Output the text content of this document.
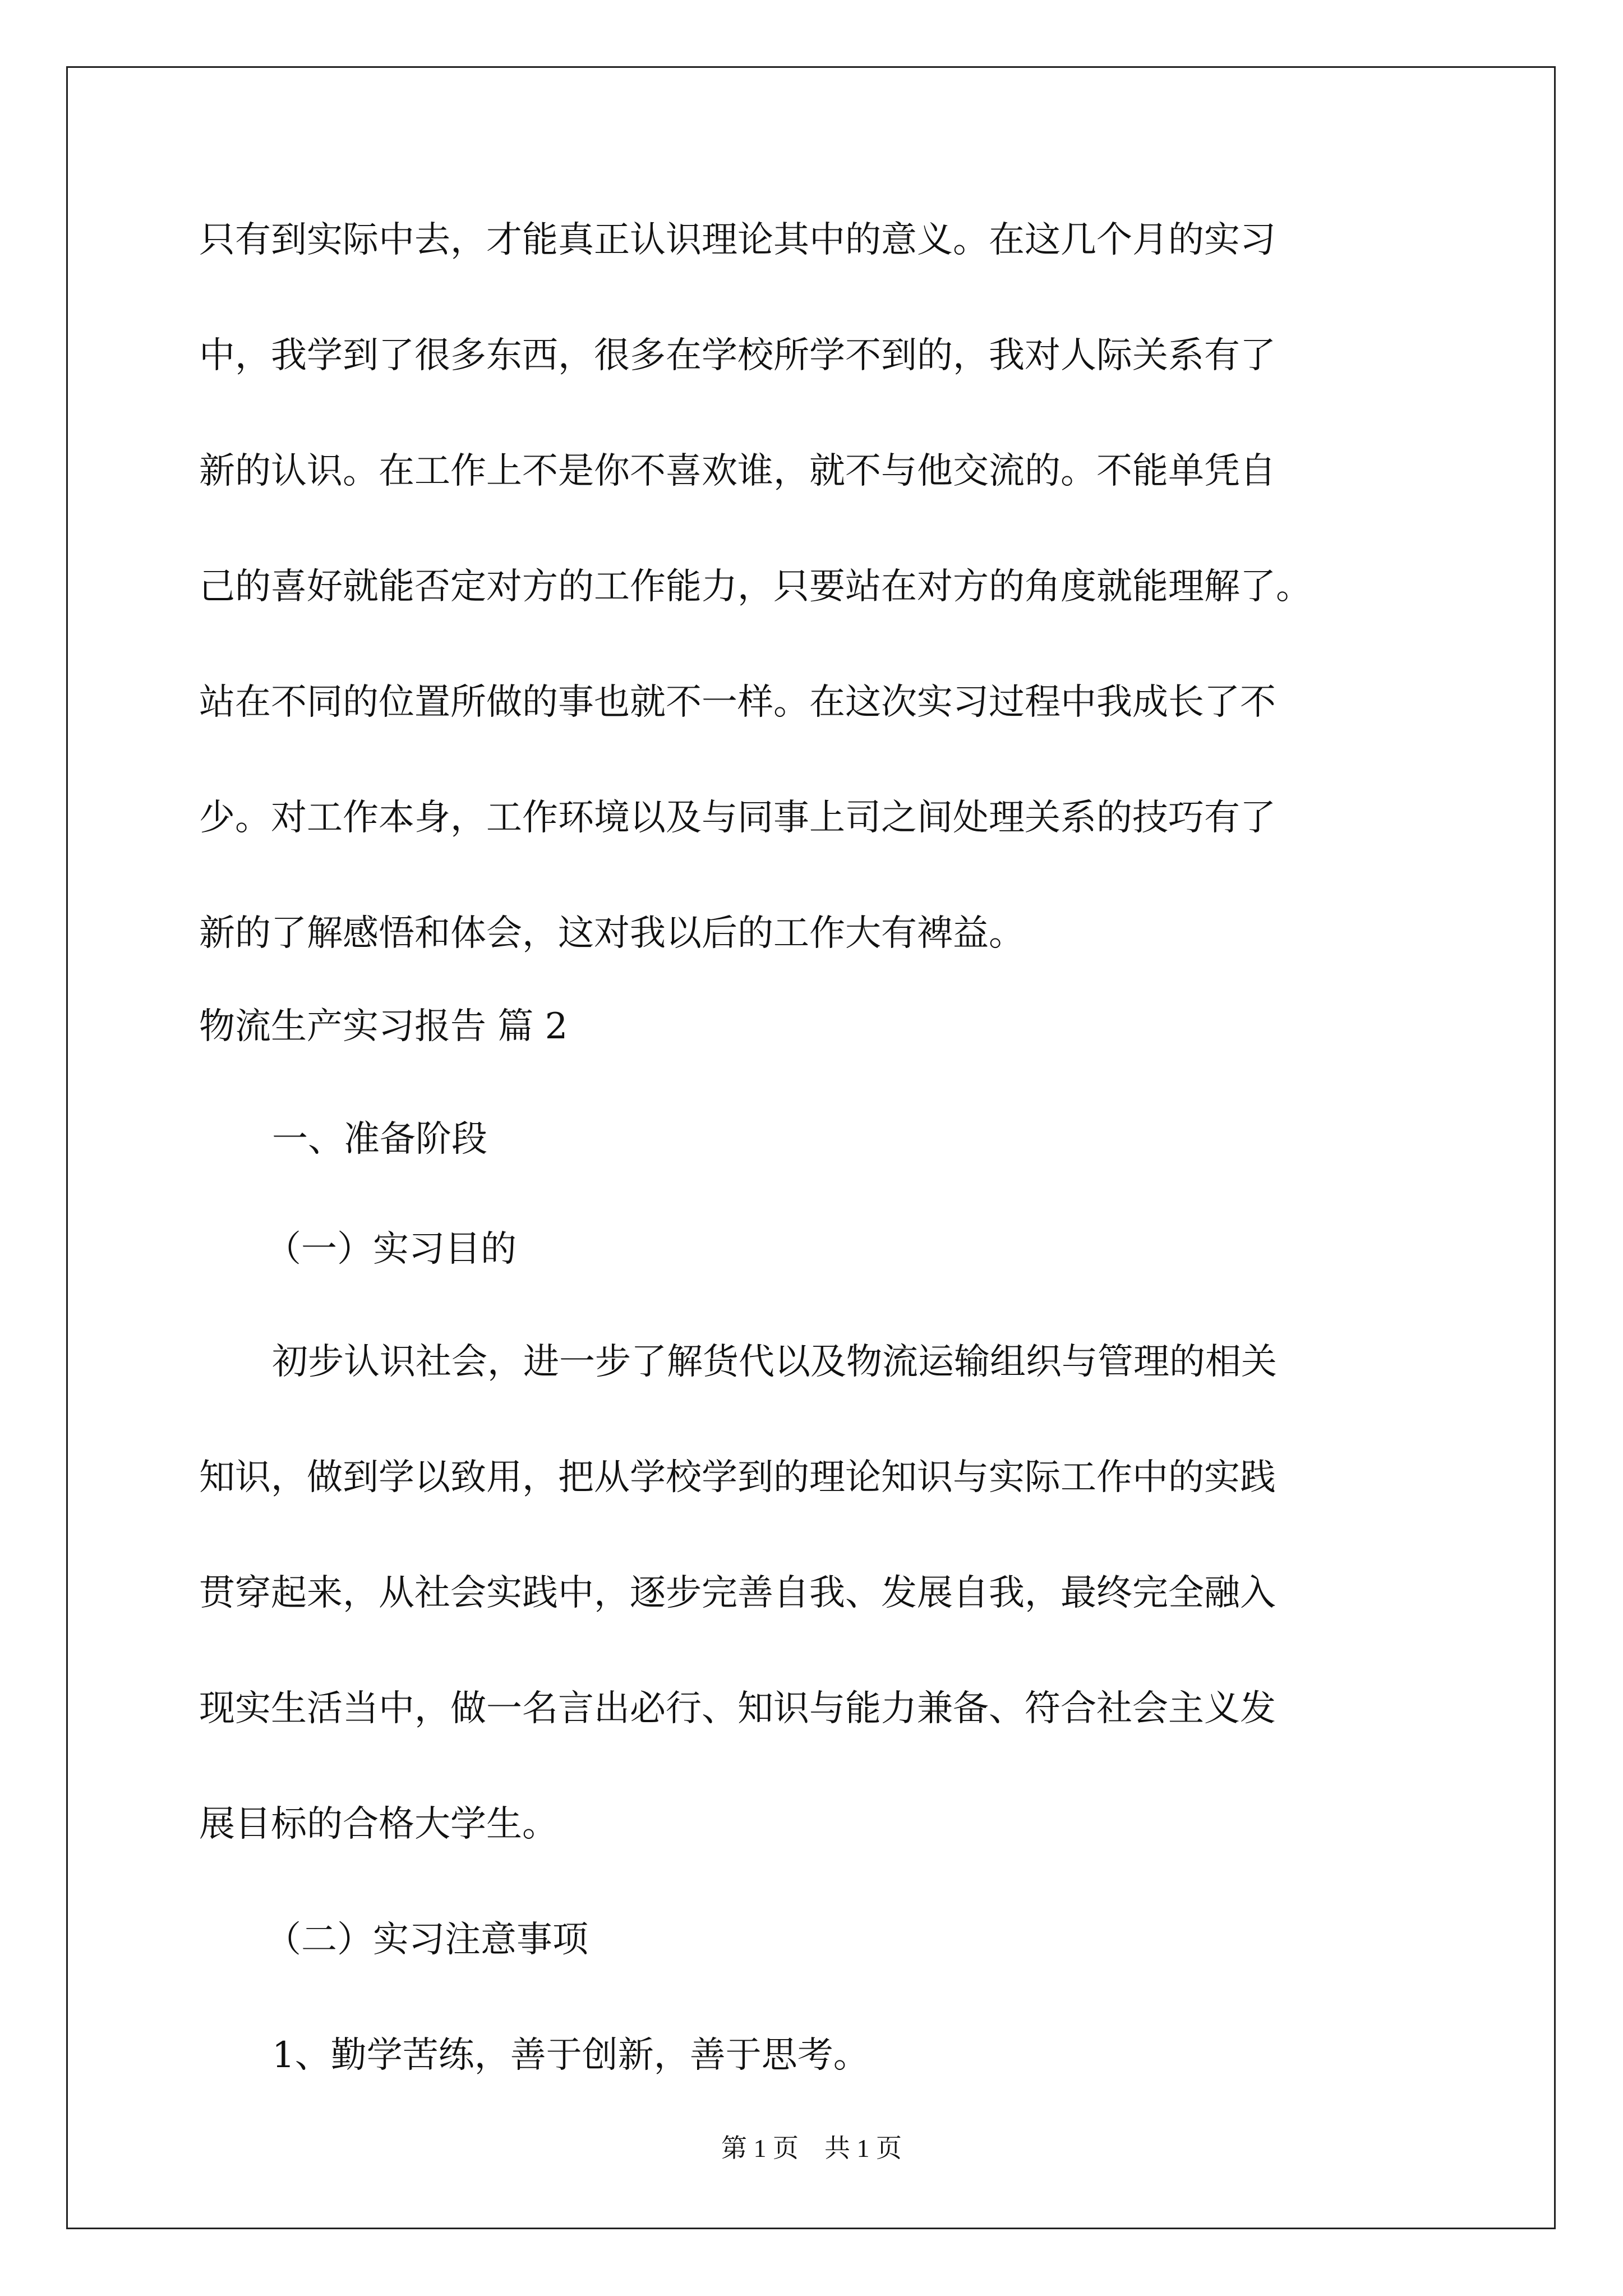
只有到实际中去，才能真正认识理论其中的意义。在这几个月的实习

中，我学到了很多东西，很多在学校所学不到的，我对人际关系有了

新的认识。在工作上不是你不喜欢谁，就不与他交流的。不能单凭自

己的喜好就能否定对方的工作能力，只要站在对方的角度就能理解了。

站在不同的位置所做的事也就不一样。在这次实习过程中我成长了不

少。对工作本身，工作环境以及与同事上司之间处理关系的技巧有了

新的了解感悟和体会，这对我以后的工作大有裨益。

物流生产实习报告 篇 2

一、准备阶段

（一）实习目的

初步认识社会，进一步了解货代以及物流运输组织与管理的相关

知识，做到学以致用，把从学校学到的理论知识与实际工作中的实践

贯穿起来，从社会实践中，逐步完善自我、发展自我，最终完全融入

现实生活当中，做一名言出必行、知识与能力兼备、符合社会主义发

展目标的合格大学生。

（二）实习注意事项

1、勤学苦练，善于创新，善于思考。

第 1 页　共 1 页
